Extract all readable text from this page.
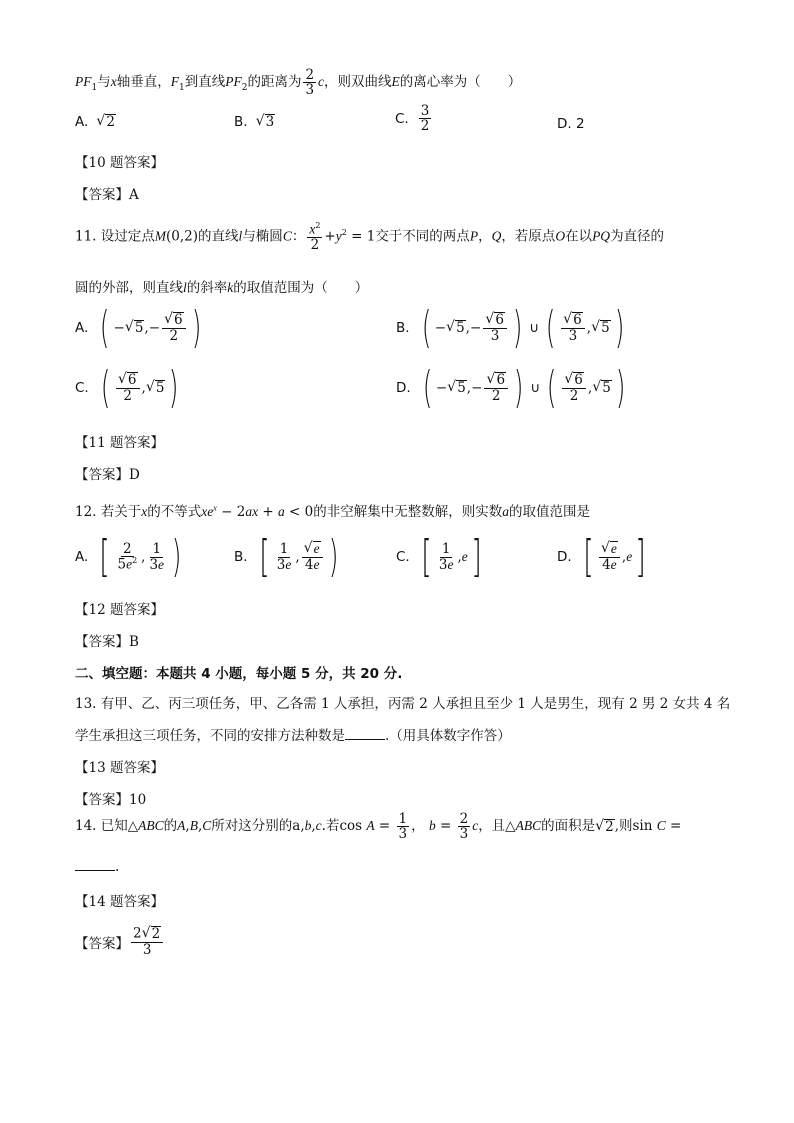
$PF_1$与x轴垂直，$F_1$到直线$PF_2$的距离为 $\frac{2}{3}$ c，则双曲线E的离心率为（　　）
A. √ 2	B. √ 3	C. $\frac{3}{2}$	D. 2
【10 题答案】
【答案】A
11. 设过定点M(0,2)的直线l与椭圆C： $\frac{x^2}{2} +y^2 = 1$交于不同的两点P，Q，若原点O在以PQ为直径的
圆的外部，则直线l的斜率k的取值范围为（　　）
A. ( − √ 5 ,− $\frac{√ 6}{2}$ )	B. ( − √ 5 ,− $\frac{√ 6}{3}$ ) ∪ ( $\frac{√ 6}{3}$ , √ 5 )
C. ( $\frac{√ 6}{2}$ , √ 5 )	D. ( − √ 5 ,− $\frac{√ 6}{2}$ ) ∪ ( $\frac{√ 6}{2}$ , √ 5 )
【11 题答案】
【答案】D
12. 若关于x的不等式$xe^x - 2ax + a < 0$的非空解集中无整数解，则实数a的取值范围是
A. [ $\frac{2}{5e^2}$ , $\frac{1}{3e}$ )	B. [ $\frac{1}{3e}$ , $\frac{√ e}{4e}$ )	C. [ $\frac{1}{3e}$ , e ]	D. [ $\frac{√ e}{4e}$ , e ]
【12 题答案】
【答案】B
二、填空题：本题共 4 小题，每小题 5 分，共 20 分.
13. 有甲、乙、丙三项任务，甲、乙各需 1 人承担，丙需 2 人承担且至少 1 人是男生，现有 2 男 2 女共 4 名
学生承担这三项任务，不同的安排方法种数是	.（用具体数字作答）
【13 题答案】
【答案】10
14. 已知△ABC的A,B,C所对这分别的a,b,c.若$\cos A = \frac{1}{3}$ ， $b = \frac{2}{3}$ c，且△ABC的面积是 √ 2 ,则sin C =
.
【14 题答案】
【答案】 $\frac{2 √ 2}{3}$
